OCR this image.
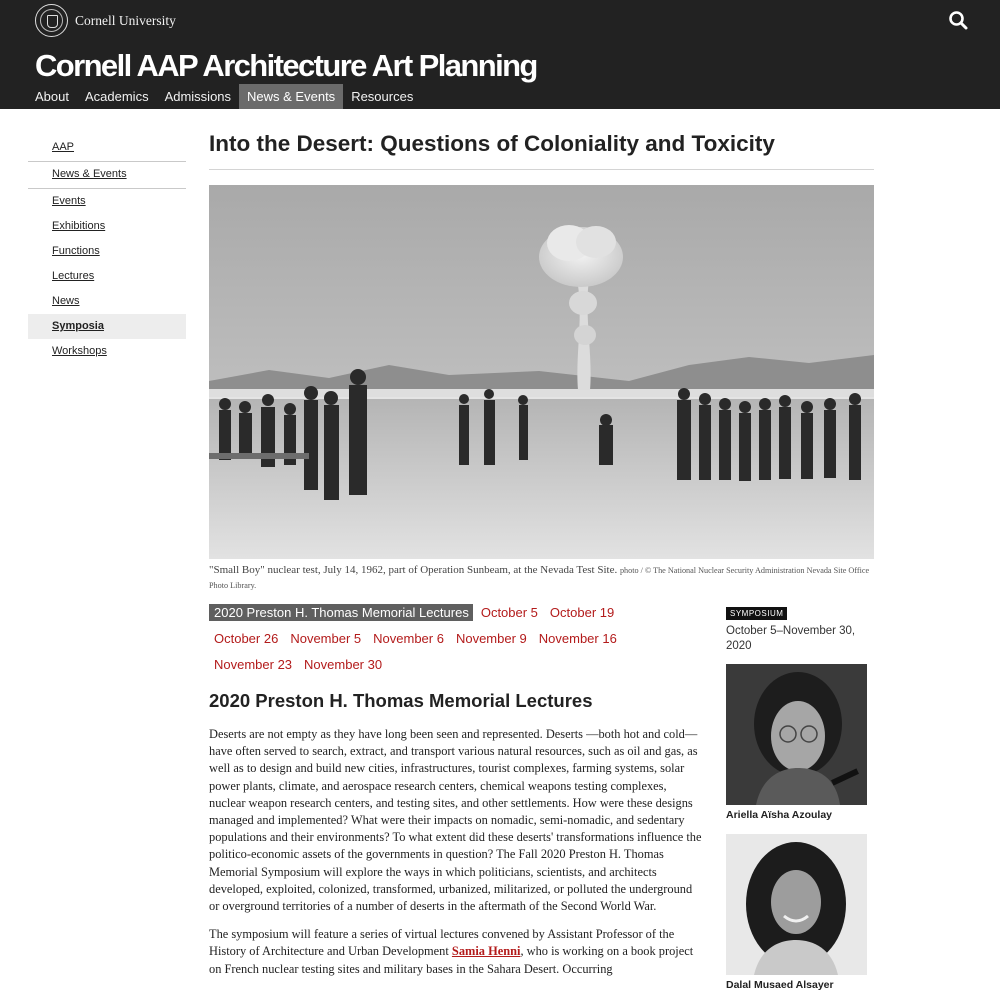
Cornell University
Cornell AAP Architecture Art Planning
About	Academics	Admissions	News & Events	Resources
AAP
News & Events
Events
Exhibitions
Functions
Lectures
News
Symposia
Workshops
Into the Desert: Questions of Coloniality and Toxicity
"Small Boy" nuclear test, July 14, 1962, part of Operation Sunbeam, at the Nevada Test Site. photo / © The National Nuclear Security Administration Nevada Site Office Photo Library.
2020 Preston H. Thomas Memorial Lectures October 5 October 19
October 26 November 5 November 6 November 9 November 16
November 23 November 30
2020 Preston H. Thomas Memorial Lectures

Deserts are not empty as they have long been seen and represented. Deserts —both hot and cold—have often served to search, extract, and transport various natural resources, such as oil and gas, as well as to design and build new cities, infrastructures, tourist complexes, farming systems, solar power plants, climate, and aerospace research centers, chemical weapons testing complexes, nuclear weapon research centers, and testing sites, and other settlements. How were these designs managed and implemented? What were their impacts on nomadic, semi-nomadic, and sedentary populations and their environments? To what extent did these deserts' transformations influence the politico-economic assets of the governments in question? The Fall 2020 Preston H. Thomas Memorial Symposium will explore the ways in which politicians, scientists, and architects developed, exploited, colonized, transformed, urbanized, militarized, or polluted the underground or overground territories of a number of deserts in the aftermath of the Second World War.

The symposium will feature a series of virtual lectures convened by Assistant Professor of the History of Architecture and Urban Development Samia Henni, who is working on a book project on French nuclear testing sites and military bases in the Sahara Desert. Occurring

SYMPOSIUM
October 5–November 30, 2020
Ariella Aïsha Azoulay
Dalal Musaed Alsayer
